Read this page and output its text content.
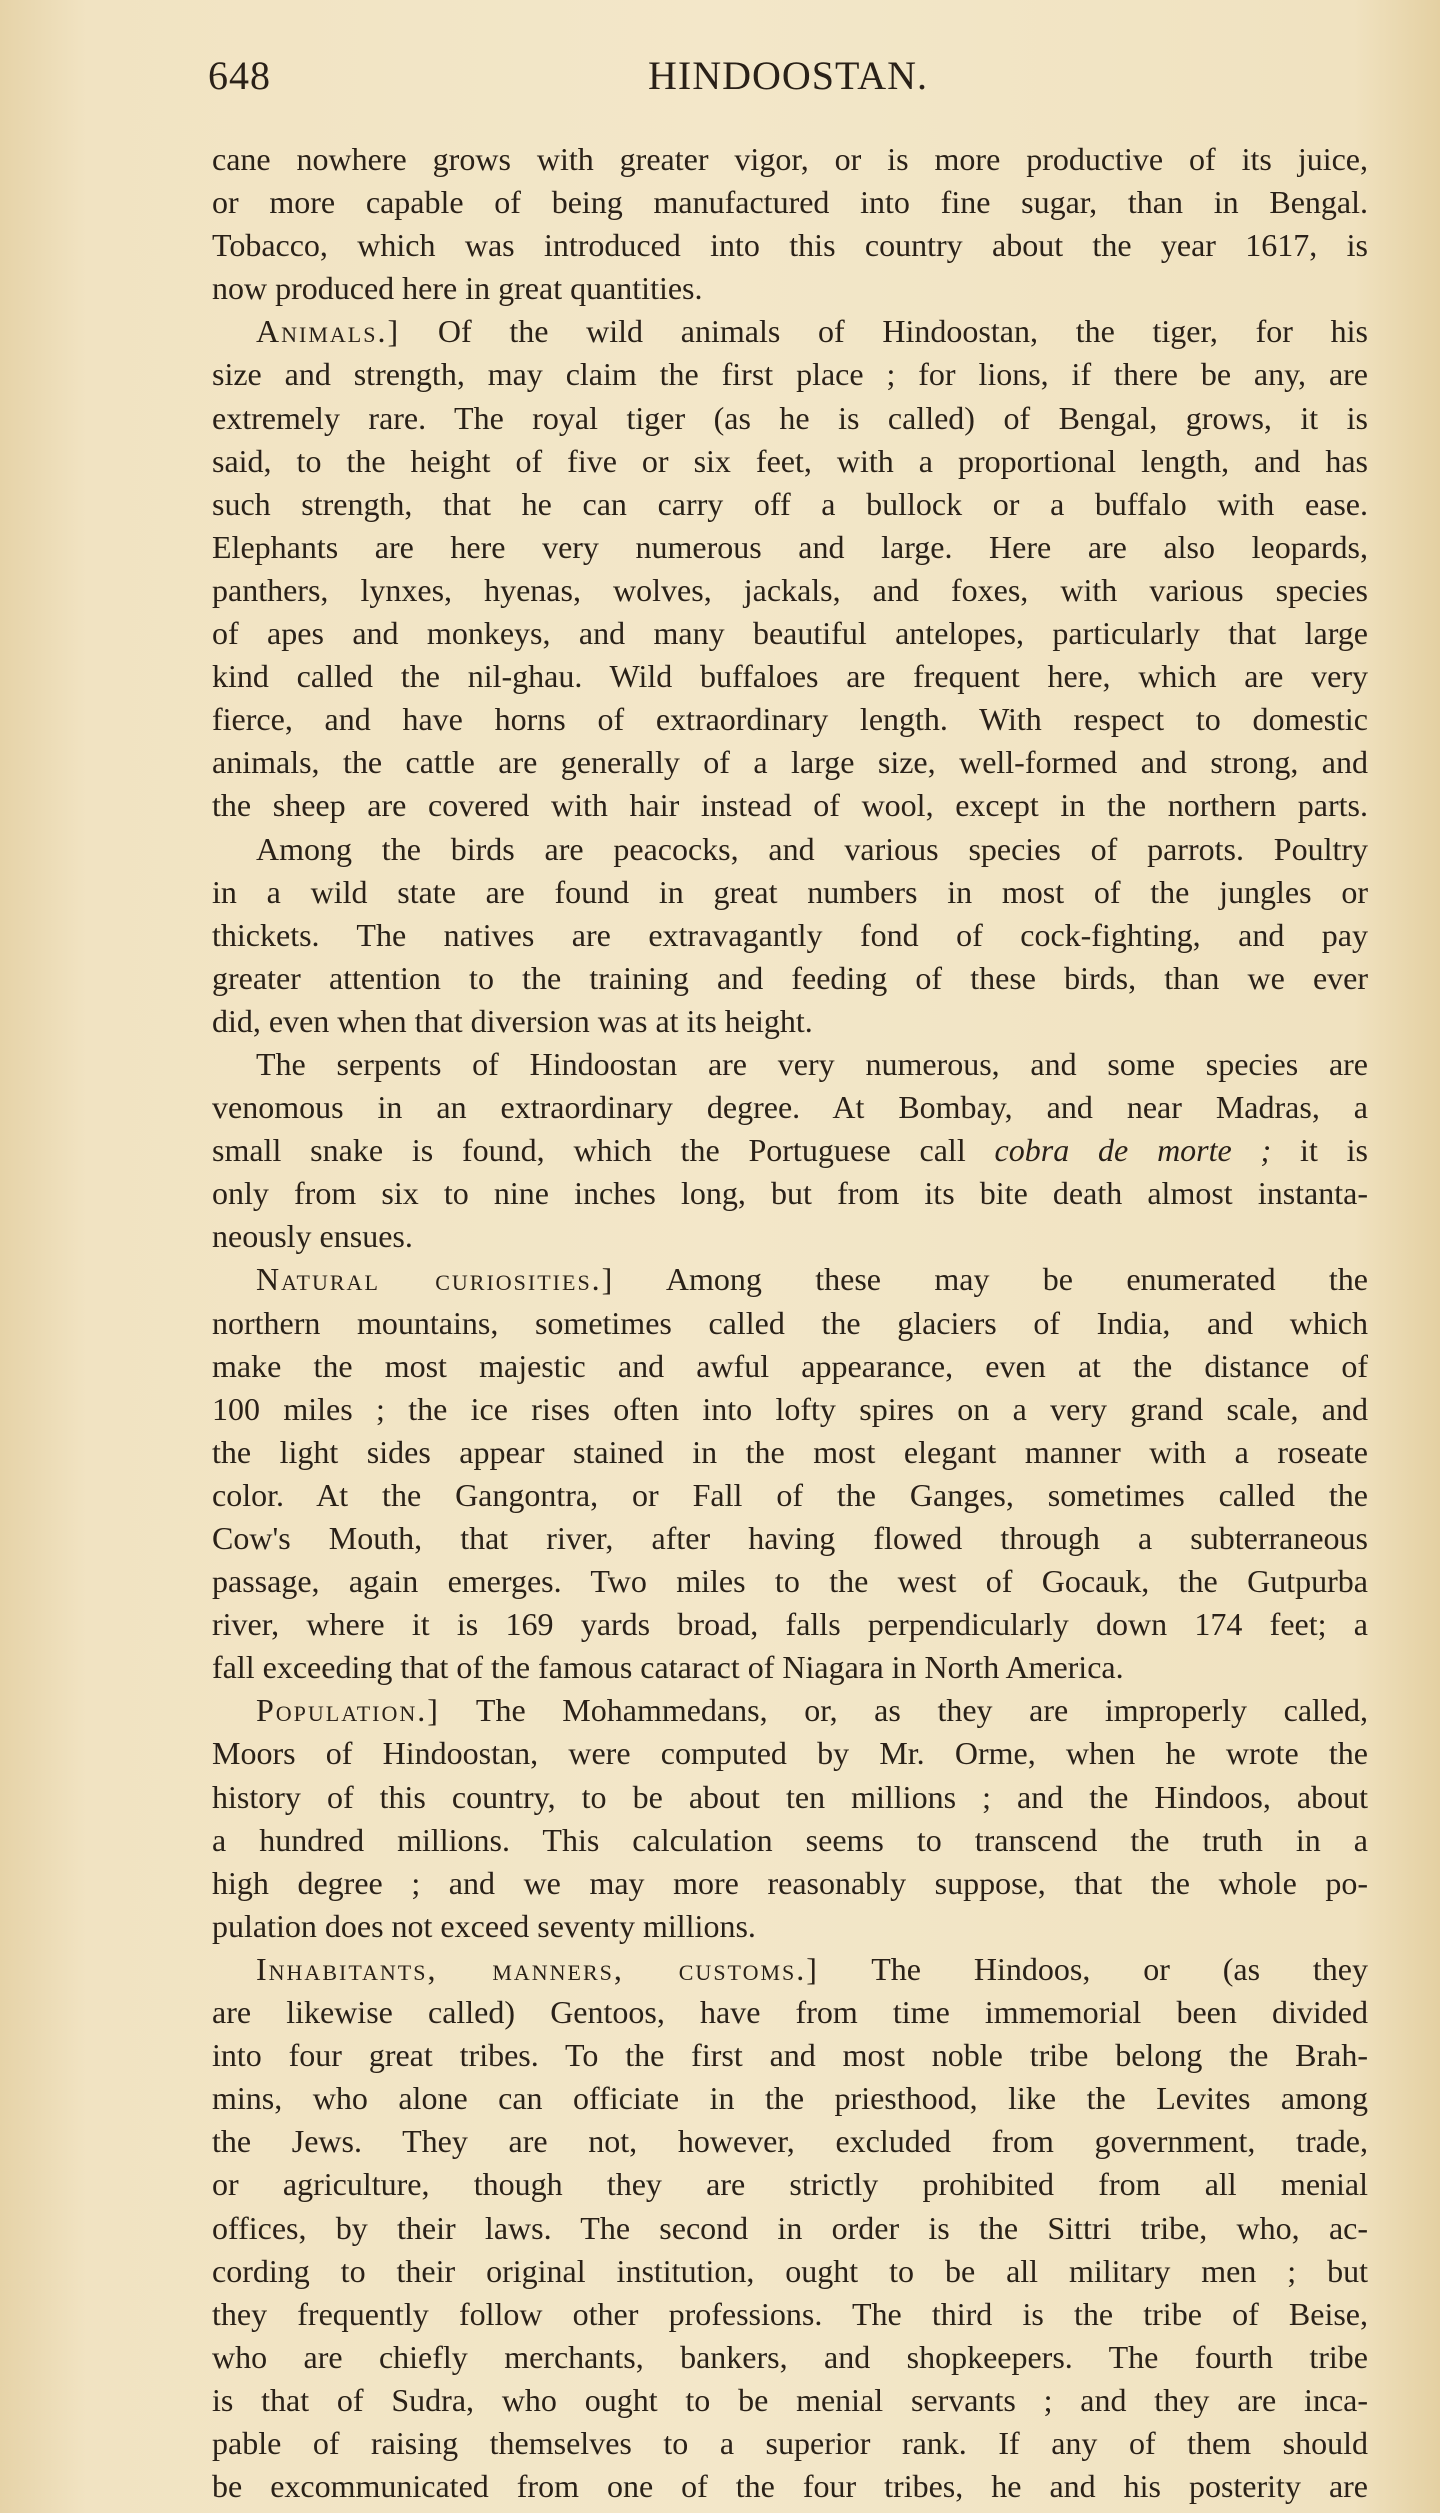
648	HINDOOSTAN.
cane nowhere grows with greater vigor, or is more productive of its juice,
or more capable of being manufactured into fine sugar, than in Bengal.
Tobacco, which was introduced into this country about the year 1617, is
now produced here in great quantities.
Animals.] Of the wild animals of Hindoostan, the tiger, for his
size and strength, may claim the first place ; for lions, if there be any, are
extremely rare. The royal tiger (as he is called) of Bengal, grows, it is
said, to the height of five or six feet, with a proportional length, and has
such strength, that he can carry off a bullock or a buffalo with ease.
Elephants are here very numerous and large. Here are also leopards,
panthers, lynxes, hyenas, wolves, jackals, and foxes, with various species
of apes and monkeys, and many beautiful antelopes, particularly that large
kind called the nil-ghau. Wild buffaloes are frequent here, which are very
fierce, and have horns of extraordinary length. With respect to domestic
animals, the cattle are generally of a large size, well-formed and strong, and
the sheep are covered with hair instead of wool, except in the northern parts.
Among the birds are peacocks, and various species of parrots. Poultry
in a wild state are found in great numbers in most of the jungles or
thickets. The natives are extravagantly fond of cock-fighting, and pay
greater attention to the training and feeding of these birds, than we ever
did, even when that diversion was at its height.
The serpents of Hindoostan are very numerous, and some species are
venomous in an extraordinary degree. At Bombay, and near Madras, a
small snake is found, which the Portuguese call cobra de morte ; it is
only from six to nine inches long, but from its bite death almost instanta-
neously ensues.
Natural curiosities.] Among these may be enumerated the
northern mountains, sometimes called the glaciers of India, and which
make the most majestic and awful appearance, even at the distance of
100 miles ; the ice rises often into lofty spires on a very grand scale, and
the light sides appear stained in the most elegant manner with a roseate
color. At the Gangontra, or Fall of the Ganges, sometimes called the
Cow's Mouth, that river, after having flowed through a subterraneous
passage, again emerges. Two miles to the west of Gocauk, the Gutpurba
river, where it is 169 yards broad, falls perpendicularly down 174 feet; a
fall exceeding that of the famous cataract of Niagara in North America.
Population.] The Mohammedans, or, as they are improperly called,
Moors of Hindoostan, were computed by Mr. Orme, when he wrote the
history of this country, to be about ten millions ; and the Hindoos, about
a hundred millions. This calculation seems to transcend the truth in a
high degree ; and we may more reasonably suppose, that the whole po-
pulation does not exceed seventy millions.
Inhabitants, manners, customs.] The Hindoos, or (as they
are likewise called) Gentoos, have from time immemorial been divided
into four great tribes. To the first and most noble tribe belong the Brah-
mins, who alone can officiate in the priesthood, like the Levites among
the Jews. They are not, however, excluded from government, trade,
or agriculture, though they are strictly prohibited from all menial
offices, by their laws. The second in order is the Sittri tribe, who, ac-
cording to their original institution, ought to be all military men ; but
they frequently follow other professions. The third is the tribe of Beise,
who are chiefly merchants, bankers, and shopkeepers. The fourth tribe
is that of Sudra, who ought to be menial servants ; and they are inca-
pable of raising themselves to a superior rank. If any of them should
be excommunicated from one of the four tribes, he and his posterity are
